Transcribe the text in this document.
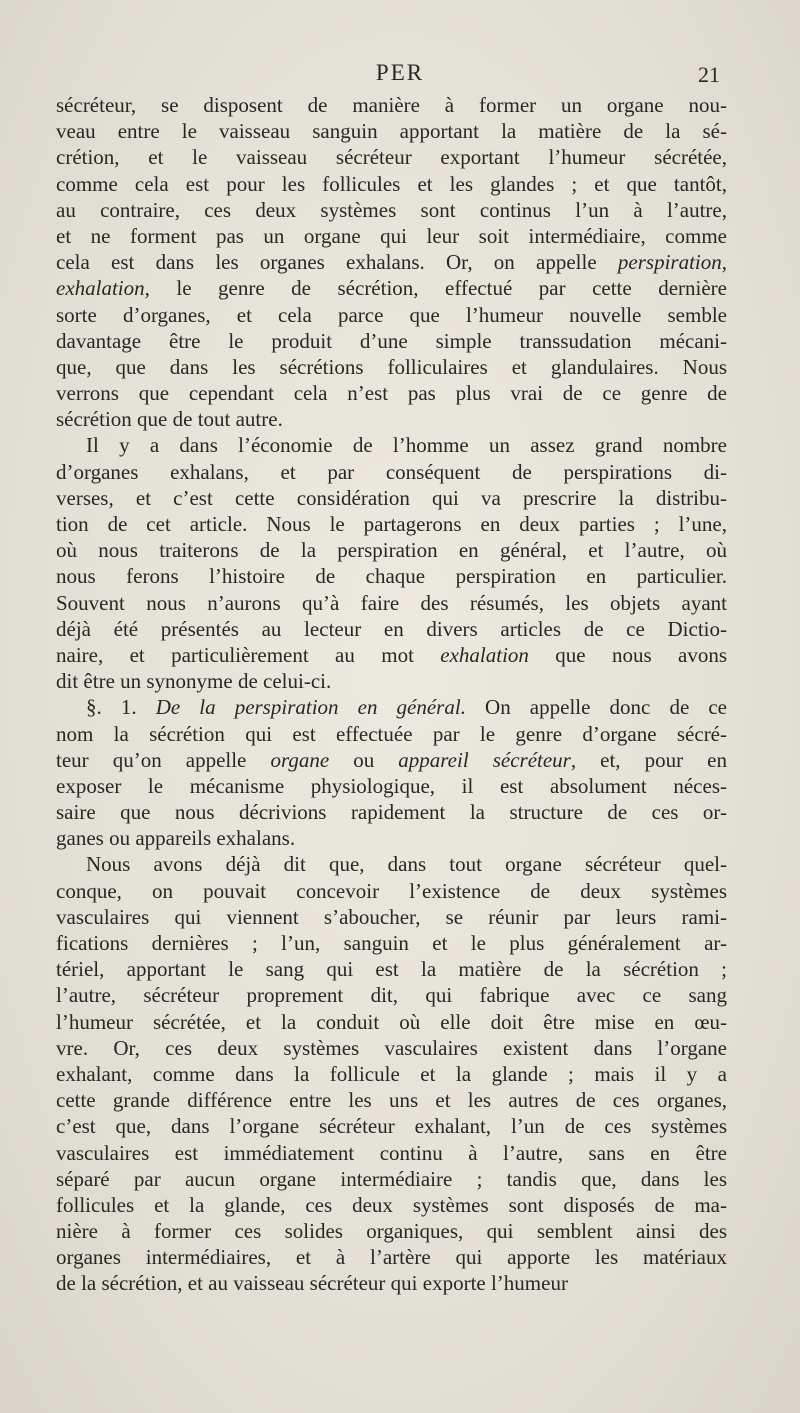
PER	21
sécréteur, se disposent de manière à former un organe nou-
veau entre le vaisseau sanguin apportant la matière de la sé-
crétion, et le vaisseau sécréteur exportant l’humeur sécrétée,
comme cela est pour les follicules et les glandes ; et que tantôt,
au contraire, ces deux systèmes sont continus l’un à l’autre,
et ne forment pas un organe qui leur soit intermédiaire, comme
cela est dans les organes exhalans. Or, on appelle perspiration,
exhalation, le genre de sécrétion, effectué par cette dernière
sorte d’organes, et cela parce que l’humeur nouvelle semble
davantage être le produit d’une simple transsudation mécani-
que, que dans les sécrétions folliculaires et glandulaires. Nous
verrons que cependant cela n’est pas plus vrai de ce genre de
sécrétion que de tout autre.
Il y a dans l’économie de l’homme un assez grand nombre
d’organes exhalans, et par conséquent de perspirations di-
verses, et c’est cette considération qui va prescrire la distribu-
tion de cet article. Nous le partagerons en deux parties ; l’une,
où nous traiterons de la perspiration en général, et l’autre, où
nous ferons l’histoire de chaque perspiration en particulier.
Souvent nous n’aurons qu’à faire des résumés, les objets ayant
déjà été présentés au lecteur en divers articles de ce Dictio-
naire, et particulièrement au mot exhalation que nous avons
dit être un synonyme de celui-ci.
§. 1. De la perspiration en général. On appelle donc de ce
nom la sécrétion qui est effectuée par le genre d’organe sécré-
teur qu’on appelle organe ou appareil sécréteur, et, pour en
exposer le mécanisme physiologique, il est absolument néces-
saire que nous décrivions rapidement la structure de ces or-
ganes ou appareils exhalans.
Nous avons déjà dit que, dans tout organe sécréteur quel-
conque, on pouvait concevoir l’existence de deux systèmes
vasculaires qui viennent s’aboucher, se réunir par leurs rami-
fications dernières ; l’un, sanguin et le plus généralement ar-
tériel, apportant le sang qui est la matière de la sécrétion ;
l’autre, sécréteur proprement dit, qui fabrique avec ce sang
l’humeur sécrétée, et la conduit où elle doit être mise en œu-
vre. Or, ces deux systèmes vasculaires existent dans l’organe
exhalant, comme dans la follicule et la glande ; mais il y a
cette grande différence entre les uns et les autres de ces organes,
c’est que, dans l’organe sécréteur exhalant, l’un de ces systèmes
vasculaires est immédiatement continu à l’autre, sans en être
séparé par aucun organe intermédiaire ; tandis que, dans les
follicules et la glande, ces deux systèmes sont disposés de ma-
nière à former ces solides organiques, qui semblent ainsi des
organes intermédiaires, et à l’artère qui apporte les matériaux
de la sécrétion, et au vaisseau sécréteur qui exporte l’humeur
